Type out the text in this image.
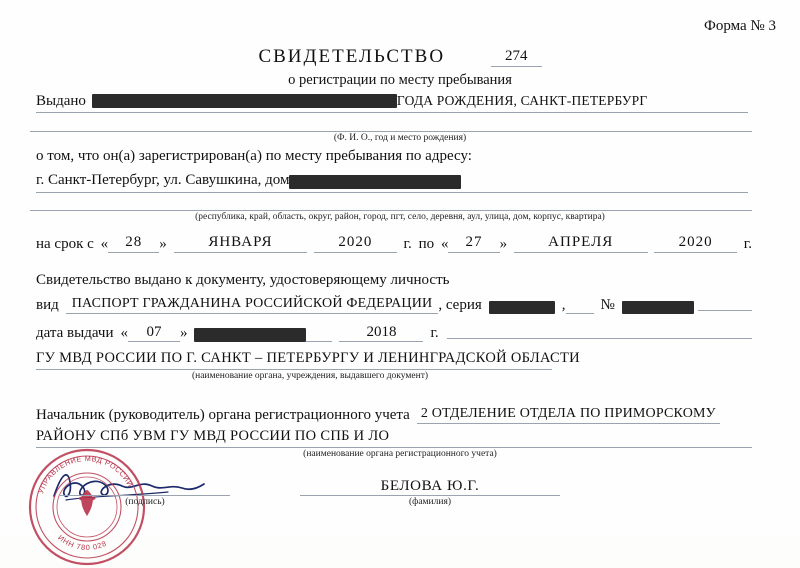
Форма № 3
СВИДЕТЕЛЬСТВО	274
о регистрации по месту пребывания
Выдано	ГОДА РОЖДЕНИЯ, САНКТ-ПЕТЕРБУРГ
(Ф. И. О., год и место рождения)
о том, что он(а) зарегистрирован(а) по месту пребывания по адресу:
г. Санкт-Петербург, ул. Савушкина, дом
(республика, край, область, округ, район, город, пгт, село, деревня, аул, улица, дом, корпус, квартира)
на срок с «	28	»	ЯНВАРЯ	2020	г. по «	27	»	АПРЕЛЯ	2020	г.
Свидетельство выдано к документу, удостоверяющему личность
вид ПАСПОРТ ГРАЖДАНИНА РОССИЙСКОЙ ФЕДЕРАЦИИ , серия	, №
дата выдачи «	07	»	2018	г.
ГУ МВД РОССИИ ПО Г. САНКТ – ПЕТЕРБУРГУ И ЛЕНИНГРАДСКОЙ ОБЛАСТИ
(наименование органа, учреждения, выдавшего документ)
Начальник (руководитель) органа регистрационного учета 2 ОТДЕЛЕНИЕ ОТДЕЛА ПО ПРИМОРСКОМУ
РАЙОНУ СПб УВМ ГУ МВД РОССИИ ПО СПБ И ЛО
(наименование органа регистрационного учета)
УПРАВЛЕНИЕ МВД РОССИИ
ИНН 780 028
(подпись)
БЕЛОВА Ю.Г.
(фамилия)
